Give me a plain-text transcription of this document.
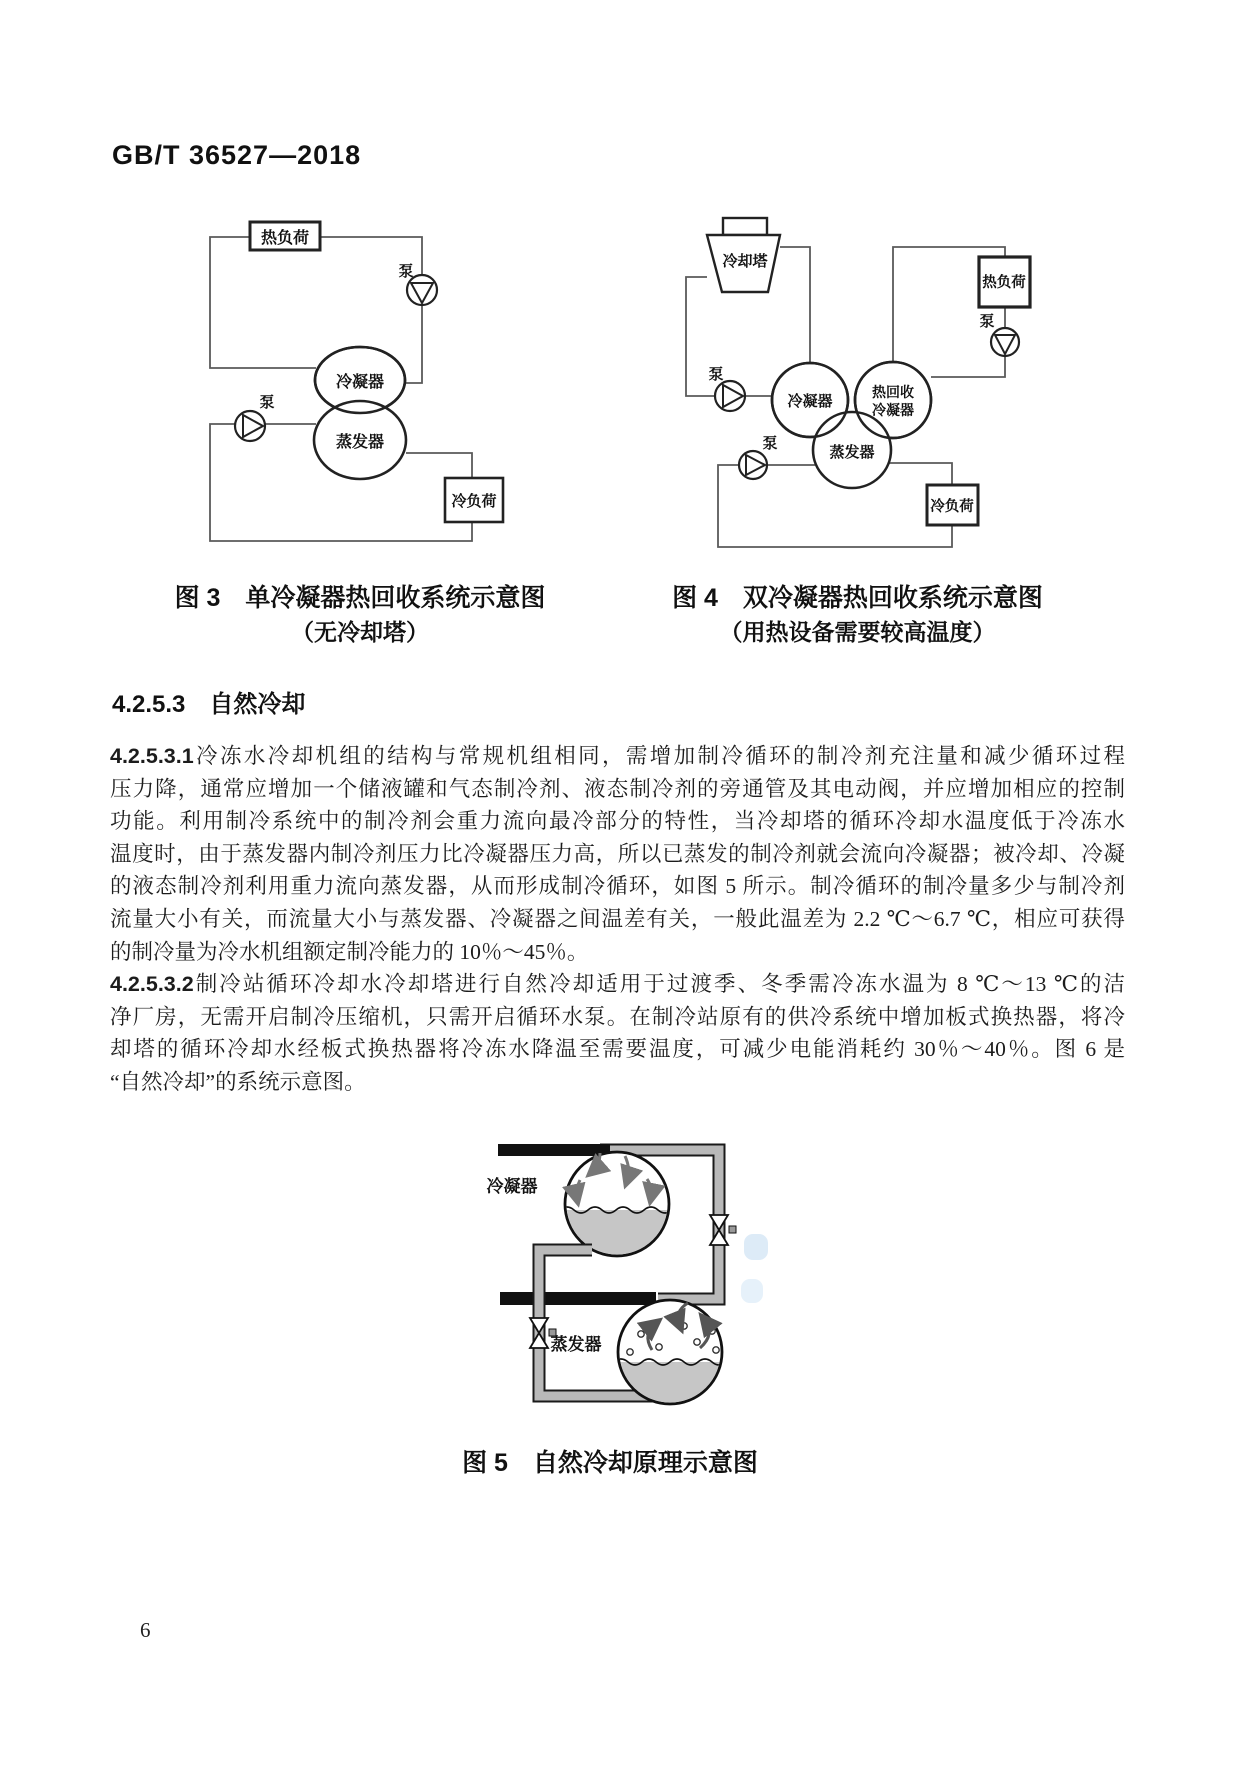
GB/T 36527—2018
热负荷
泵
冷凝器
蒸发器
泵
冷负荷
冷却塔
泵
冷凝器
热回收
冷凝器
蒸发器
热负荷
泵
泵
冷负荷
图 3　单冷凝器热回收系统示意图
（无冷却塔）
图 4　双冷凝器热回收系统示意图
（用热设备需要较高温度）
4.2.5.3 自然冷却
4.2.5.3.1冷冻水冷却机组的结构与常规机组相同，需增加制冷循环的制冷剂充注量和减少循环过程
压力降，通常应增加一个储液罐和气态制冷剂、液态制冷剂的旁通管及其电动阀，并应增加相应的控制
功能。利用制冷系统中的制冷剂会重力流向最冷部分的特性，当冷却塔的循环冷却水温度低于冷冻水
温度时，由于蒸发器内制冷剂压力比冷凝器压力高，所以已蒸发的制冷剂就会流向冷凝器；被冷却、冷凝
的液态制冷剂利用重力流向蒸发器，从而形成制冷循环，如图 5 所示。制冷循环的制冷量多少与制冷剂
流量大小有关，而流量大小与蒸发器、冷凝器之间温差有关，一般此温差为 2.2 ℃～6.7 ℃，相应可获得
的制冷量为冷水机组额定制冷能力的 10％～45％。
4.2.5.3.2制冷站循环冷却水冷却塔进行自然冷却适用于过渡季、冬季需冷冻水温为 8 ℃～13 ℃的洁
净厂房，无需开启制冷压缩机，只需开启循环水泵。在制冷站原有的供冷系统中增加板式换热器，将冷
却塔的循环冷却水经板式换热器将冷冻水降温至需要温度，可减少电能消耗约 30％～40％。图 6 是
“自然冷却”的系统示意图。
冷凝器
蒸发器
图 5　自然冷却原理示意图
6
